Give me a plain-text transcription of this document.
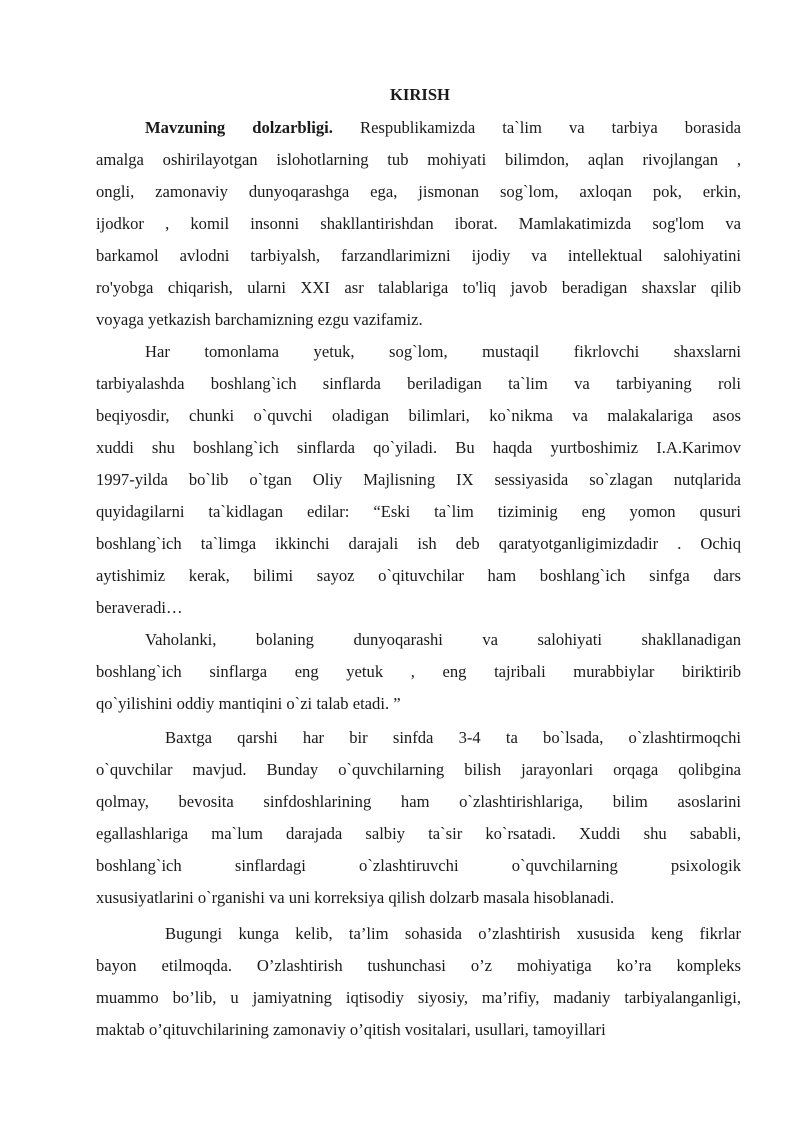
KIRISH
Mavzuning dolzarbligi. Respublikamizda ta`lim va tarbiya borasida
amalga oshirilayotgan islohotlarning tub mohiyati bilimdon, aqlan rivojlangan ,
ongli, zamonaviy dunyoqarashga ega, jismonan sog`lom, axloqan pok, erkin,
ijodkor , komil insonni shakllantirishdan iborat. Mamlakatimizda sog'lom va
barkamol avlodni tarbiyalsh, farzandlarimizni ijodiy va intellektual salohiyatini
ro'yobga chiqarish, ularni XXI asr talablariga to'liq javob beradigan shaxslar qilib
voyaga yetkazish barchamizning ezgu vazifamiz.
Har tomonlama yetuk, sog`lom, mustaqil fikrlovchi shaxslarni
tarbiyalashda boshlang`ich sinflarda beriladigan ta`lim va tarbiyaning roli
beqiyosdir, chunki o`quvchi oladigan bilimlari, ko`nikma va malakalariga asos
xuddi shu boshlang`ich sinflarda qo`yiladi. Bu haqda yurtboshimiz I.A.Karimov
1997-yilda bo`lib o`tgan Oliy Majlisning IX sessiyasida so`zlagan nutqlarida
quyidagilarni ta`kidlagan edilar: “Eski ta`lim tiziminig eng yomon qusuri
boshlang`ich ta`limga ikkinchi darajali ish deb qaratyotganligimizdadir . Ochiq
aytishimiz kerak, bilimi sayoz o`qituvchilar ham boshlang`ich sinfga dars
beraveradi…
Vaholanki, bolaning dunyoqarashi va salohiyati shakllanadigan
boshlang`ich sinflarga eng yetuk , eng tajribali murabbiylar biriktirib
qo`yilishini oddiy mantiqini o`zi talab etadi. ”
Baxtga qarshi har bir sinfda 3-4 ta bo`lsada, o`zlashtirmoqchi
o`quvchilar mavjud. Bunday o`quvchilarning bilish jarayonlari orqaga qolibgina
qolmay, bevosita sinfdoshlarining ham o`zlashtirishlariga, bilim asoslarini
egallashlariga ma`lum darajada salbiy ta`sir ko`rsatadi. Xuddi shu sababli,
boshlang`ich sinflardagi o`zlashtiruvchi o`quvchilarning psixologik
xususiyatlarini o`rganishi va uni korreksiya qilish dolzarb masala hisoblanadi.
Bugungi kunga kelib, ta’lim sohasida o’zlashtirish xususida keng fikrlar
bayon etilmoqda. O’zlashtirish tushunchasi o’z mohiyatiga ko’ra kompleks
muammo bo’lib, u jamiyatning iqtisodiy siyosiy, ma’rifiy, madaniy tarbiyalanganligi,
maktab o’qituvchilarining zamonaviy o’qitish vositalari, usullari, tamoyillari
